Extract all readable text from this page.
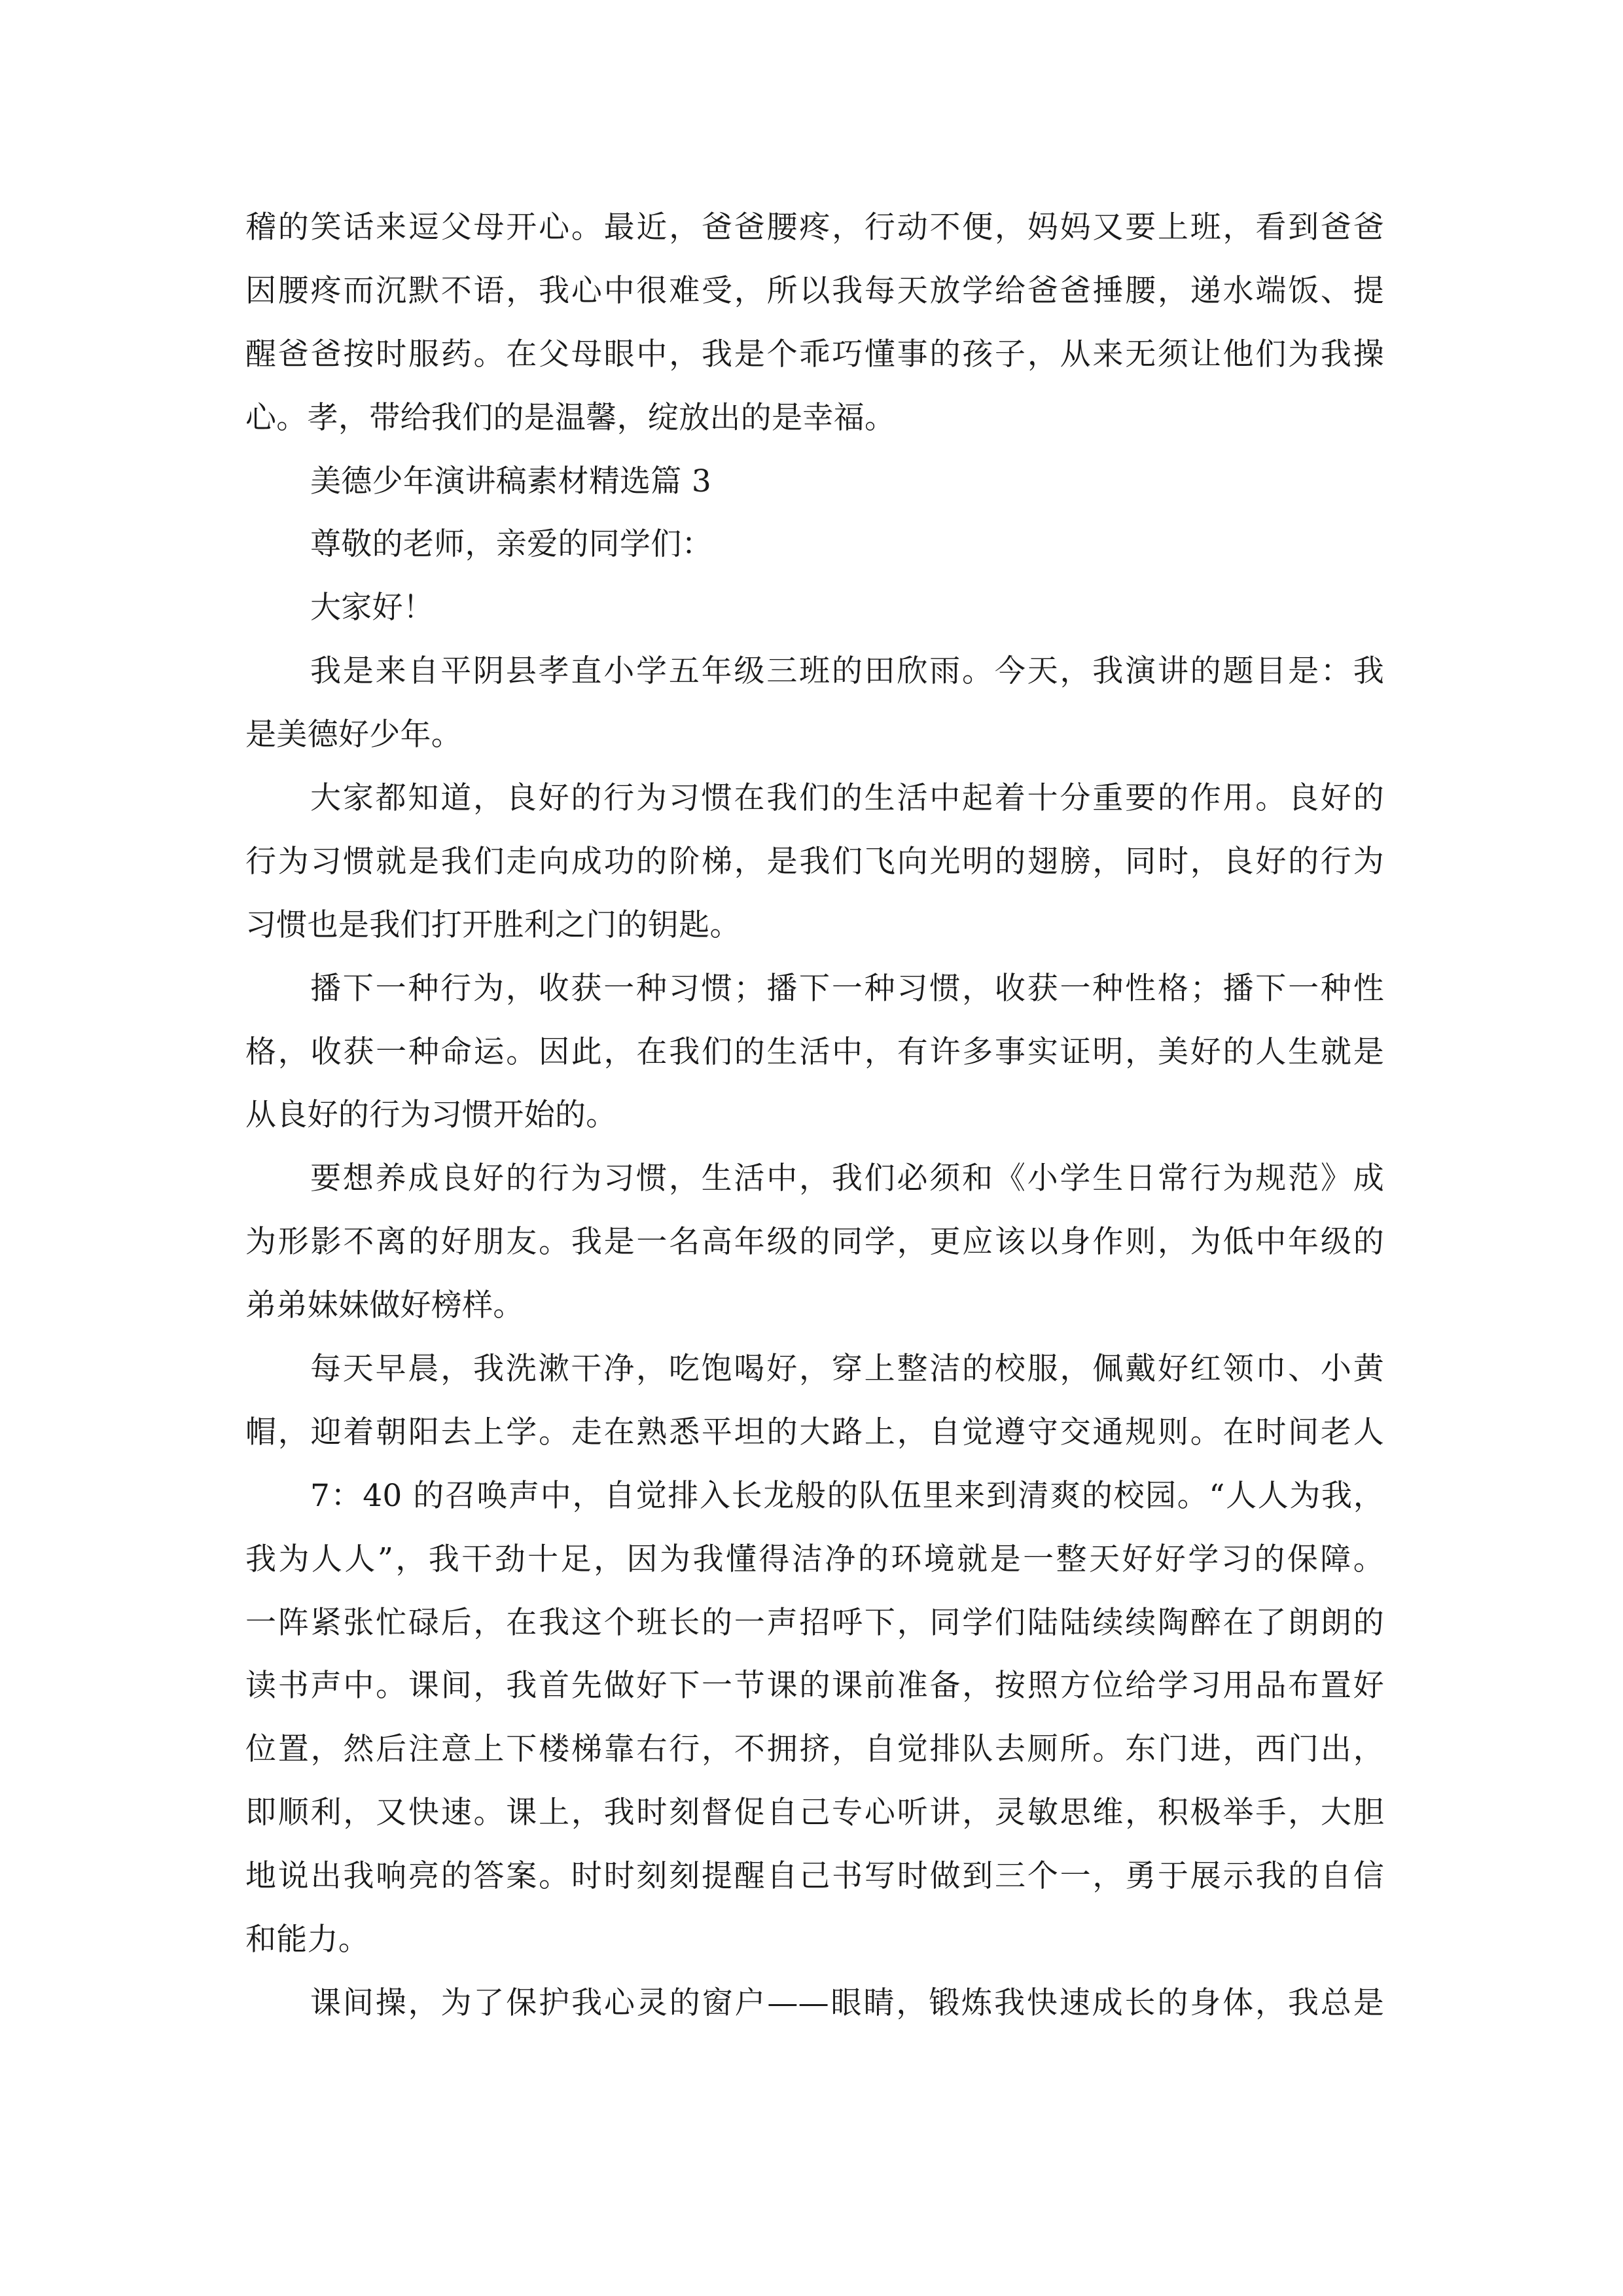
稽的笑话来逗父母开心。最近，爸爸腰疼，行动不便，妈妈又要上班，看到爸爸
因腰疼而沉默不语，我心中很难受，所以我每天放学给爸爸捶腰，递水端饭、提
醒爸爸按时服药。在父母眼中，我是个乖巧懂事的孩子，从来无须让他们为我操
心。孝，带给我们的是温馨，绽放出的是幸福。
美德少年演讲稿素材精选篇 3
尊敬的老师，亲爱的同学们：
大家好！
我是来自平阴县孝直小学五年级三班的田欣雨。今天，我演讲的题目是：我
是美德好少年。
大家都知道，良好的行为习惯在我们的生活中起着十分重要的作用。良好的
行为习惯就是我们走向成功的阶梯，是我们飞向光明的翅膀，同时，良好的行为
习惯也是我们打开胜利之门的钥匙。
播下一种行为，收获一种习惯；播下一种习惯，收获一种性格；播下一种性
格，收获一种命运。因此，在我们的生活中，有许多事实证明，美好的人生就是
从良好的行为习惯开始的。
要想养成良好的行为习惯，生活中，我们必须和《小学生日常行为规范》成
为形影不离的好朋友。我是一名高年级的同学，更应该以身作则，为低中年级的
弟弟妹妹做好榜样。
每天早晨，我洗漱干净，吃饱喝好，穿上整洁的校服，佩戴好红领巾、小黄
帽，迎着朝阳去上学。走在熟悉平坦的大路上，自觉遵守交通规则。在时间老人
7：40 的召唤声中，自觉排入长龙般的队伍里来到清爽的校园。“人人为我，
我为人人”，我干劲十足，因为我懂得洁净的环境就是一整天好好学习的保障。
一阵紧张忙碌后，在我这个班长的一声招呼下，同学们陆陆续续陶醉在了朗朗的
读书声中。课间，我首先做好下一节课的课前准备，按照方位给学习用品布置好
位置，然后注意上下楼梯靠右行，不拥挤，自觉排队去厕所。东门进，西门出，
即顺利，又快速。课上，我时刻督促自己专心听讲，灵敏思维，积极举手，大胆
地说出我响亮的答案。时时刻刻提醒自己书写时做到三个一，勇于展示我的自信
和能力。
课间操，为了保护我心灵的窗户——眼睛，锻炼我快速成长的身体，我总是
